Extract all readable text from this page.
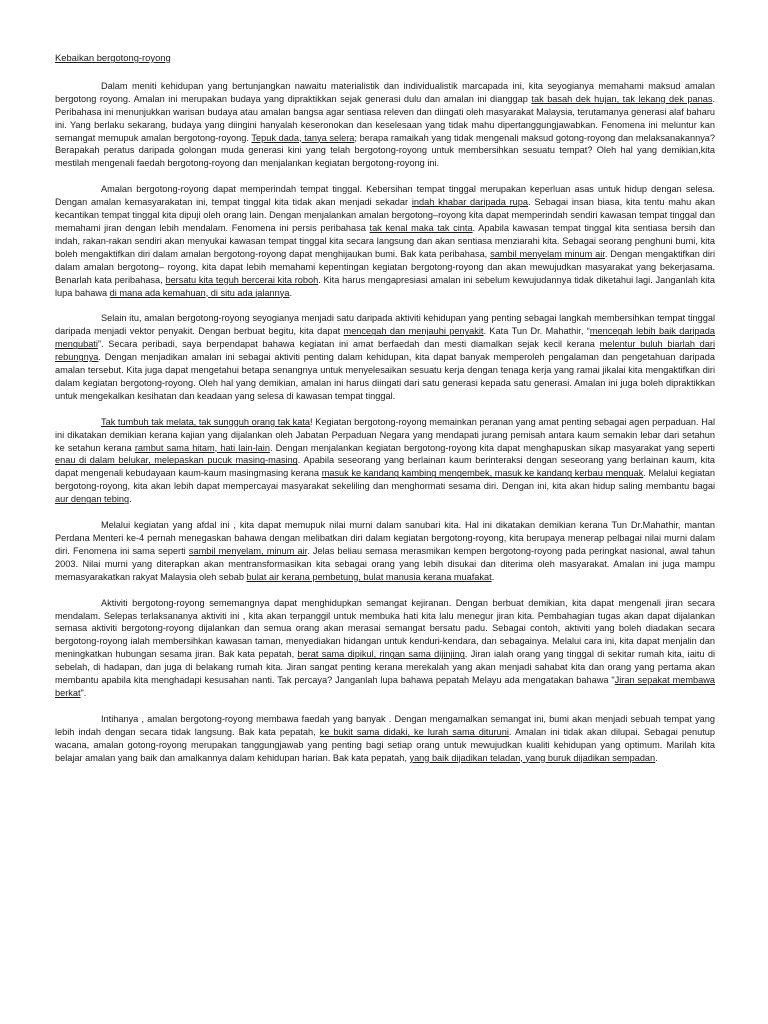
Kebaikan bergotong-royong

Dalam meniti kehidupan yang bertunjangkan nawaitu materialistik dan individualistik marcapada ini, kita seyogianya memahami maksud amalan bergotong royong. Amalan ini merupakan budaya yang dipraktikkan sejak generasi dulu dan amalan ini dianggap tak basah dek hujan, tak lekang dek panas. Peribahasa ini menunjukkan warisan budaya atau amalan bangsa agar sentiasa releven dan diingati oleh masyarakat Malaysia, terutamanya generasi alaf baharu ini. Yang berlaku sekarang, budaya yang diingini hanyalah keseronokan dan keselesaan yang tidak mahu dipertanggungjawabkan. Fenomena ini meluntur kan semangat memupuk amalan bergotong-royong. Tepuk dada, tanya selera; berapa ramaikah yang tidak mengenali maksud gotong-royong dan melaksanakannya? Berapakah peratus daripada golongan muda generasi kini yang telah bergotong-royong untuk membersihkan sesuatu tempat? Oleh hal yang demikian,kita mestilah mengenali faedah bergotong-royong dan menjalankan kegiatan bergotong-royong ini.

Amalan bergotong-royong dapat memperindah tempat tinggal. Kebersihan tempat tinggal merupakan keperluan asas untuk hidup dengan selesa. Dengan amalan kemasyarakatan ini, tempat tinggal kita tidak akan menjadi sekadar indah khabar daripada rupa. Sebagai insan biasa, kita tentu mahu akan kecantikan tempat tinggal kita dipuji oleh orang lain. Dengan menjalankan amalan bergotong–royong kita dapat memperindah sendiri kawasan tempat tinggal dan memahami jiran dengan lebih mendalam. Fenomena ini persis peribahasa tak kenal maka tak cinta. Apabila kawasan tempat tinggal kita sentiasa bersih dan indah, rakan-rakan sendiri akan menyukai kawasan tempat tinggal kita secara langsung dan akan sentiasa menziarahi kita. Sebagai seorang penghuni bumi, kita boleh mengaktifkan diri dalam amalan bergotong-royong dapat menghijaukan bumi. Bak kata peribahasa, sambil menyelam minum air. Dengan mengaktifkan diri dalam amalan bergotong– royong, kita dapat lebih memahami kepentingan kegiatan bergotong-royong dan akan mewujudkan masyarakat yang bekerjasama. Benarlah kata peribahasa, bersatu kita teguh bercerai kita roboh. Kita harus mengapresiasi amalan ini sebelum kewujudannya tidak diketahui lagi. Janganlah kita lupa bahawa di mana ada kemahuan, di situ ada jalannya.

Selain itu, amalan bergotong-royong seyogianya menjadi satu daripada aktiviti kehidupan yang penting sebagai langkah membersihkan tempat tinggal daripada menjadi vektor penyakit. Dengan berbuat begitu, kita dapat mencegah dan menjauhi penyakit. Kata Tun Dr. Mahathir, “mencegah lebih baik daripada mengubati”. Secara peribadi, saya berpendapat bahawa kegiatan ini amat berfaedah dan mesti diamalkan sejak kecil kerana melentur buluh biarlah dari rebungnya. Dengan menjadikan amalan ini sebagai aktiviti penting dalam kehidupan, kita dapat banyak memperoleh pengalaman dan pengetahuan daripada amalan tersebut. Kita juga dapat mengetahui betapa senangnya untuk menyelesaikan sesuatu kerja dengan tenaga kerja yang ramai jikalai kita mengaktifkan diri dalam kegiatan bergotong-royong. Oleh hal yang demikian, amalan ini harus diingati dari satu generasi kepada satu generasi. Amalan ini juga boleh dipraktikkan untuk mengekalkan kesihatan dan keadaan yang selesa di kawasan tempat tinggal.

Tak tumbuh tak melata, tak sungguh orang tak kata! Kegiatan bergotong-royong memainkan peranan yang amat penting sebagai agen perpaduan. Hal ini dikatakan demikian kerana kajian yang dijalankan oleh Jabatan Perpaduan Negara yang mendapati jurang pemisah antara kaum semakin lebar dari setahun ke setahun kerana rambut sama hitam, hati lain-lain. Dengan menjalankan kegiatan bergotong-royong kita dapat menghapuskan sikap masyarakat yang seperti enau di dalam belukar, melepaskan pucuk masing-masing. Apabila seseorang yang berlainan kaum berinteraksi dengan seseorang yang berlainan kaum, kita dapat mengenali kebudayaan kaum-kaum masingmasing kerana masuk ke kandang kambing mengembek, masuk ke kandang kerbau menguak. Melalui kegiatan bergotong-royong, kita akan lebih dapat mempercayai masyarakat sekeliling dan menghormati sesama diri. Dengan ini, kita akan hidup saling membantu bagai aur dengan tebing.

Melalui kegiatan yang afdal ini , kita dapat memupuk nilai murni dalam sanubari kita. Hal ini dikatakan demikian kerana Tun Dr.Mahathir, mantan Perdana Menteri ke-4 pernah menegaskan bahawa dengan melibatkan diri dalam kegiatan bergotong-royong, kita berupaya menerap pelbagai nilai murni dalam diri. Fenomena ini sama seperti sambil menyelam, minum air. Jelas beliau semasa merasmikan kempen bergotong-royong pada peringkat nasional, awal tahun 2003. Nilai murni yang diterapkan akan mentransformasikan kita sebagai orang yang lebih disukai dan diterima oleh masyarakat. Amalan ini juga mampu memasyarakatkan rakyat Malaysia oleh sebab bulat air kerana pembetung, bulat manusia kerana muafakat.

Aktiviti bergotong-royong sememangnya dapat menghidupkan semangat kejiranan. Dengan berbuat demikian, kita dapat mengenali jiran secara mendalam. Selepas terlaksananya aktiviti ini , kita akan terpanggil untuk membuka hati kita lalu menegur jiran kita. Pembahagian tugas akan dapat dijalankan semasa aktiviti bergotong-royong dijalankan dan semua orang akan merasai semangat bersatu padu. Sebagai contoh, aktiviti yang boleh diadakan secara bergotong-royong ialah membersihkan kawasan taman, menyediakan hidangan untuk kenduri-kendara, dan sebagainya. Melalui cara ini, kita dapat menjalin dan meningkatkan hubungan sesama jiran. Bak kata pepatah, berat sama dipikul, ringan sama dijinjing. Jiran ialah orang yang tinggal di sekitar rumah kita, iaitu di sebelah, di hadapan, dan juga di belakang rumah kita. Jiran sangat penting kerana merekalah yang akan menjadi sahabat kita dan orang yang pertama akan membantu apabila kita menghadapi kesusahan nanti. Tak percaya? Janganlah lupa bahawa pepatah Melayu ada mengatakan bahawa "Jiran sepakat membawa berkat".

Intihanya , amalan bergotong-royong membawa faedah yang banyak . Dengan mengamalkan semangat ini, bumi akan menjadi sebuah tempat yang lebih indah dengan secara tidak langsung. Bak kata pepatah, ke bukit sama didaki, ke lurah sama dituruni. Amalan ini tidak akan dilupai. Sebagai penutup wacana, amalan gotong-royong merupakan tanggungjawab yang penting bagi setiap orang untuk mewujudkan kualiti kehidupan yang optimum. Marilah kita belajar amalan yang baik dan amalkannya dalam kehidupan harian. Bak kata pepatah, yang baik dijadikan teladan, yang buruk dijadikan sempadan.
